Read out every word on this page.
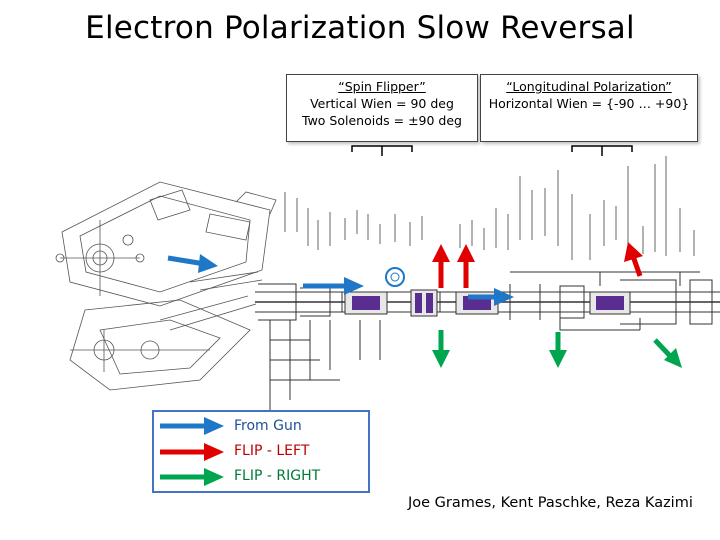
Electron Polarization Slow Reversal
“Spin Flipper”
Vertical Wien = 90 deg
Two Solenoids = ±90 deg
“Longitudinal Polarization”
Horizontal Wien = {-90 … +90}
From Gun
FLIP - LEFT
FLIP - RIGHT
Joe Grames, Kent Paschke, Reza Kazimi
